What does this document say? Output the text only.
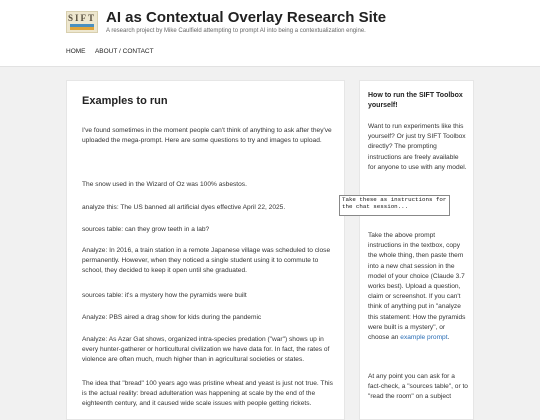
SIFT AI as Contextual Overlay Research Site
A research project by Mike Caulfield attempting to prompt AI into being a contextualization engine.
HOME ABOUT / CONTACT
Examples to run
I've found sometimes in the moment people can't think of anything to ask after they've uploaded the mega-prompt. Here are some questions to try and images to upload.
The snow used in the Wizard of Oz was 100% asbestos.
analyze this: The US banned all artificial dyes effective April 22, 2025.
sources table: can they grow teeth in a lab?
Analyze: In 2016, a train station in a remote Japanese village was scheduled to close permanently. However, when they noticed a single student using it to commute to school, they decided to keep it open until she graduated.
sources table: it's a mystery how the pyramids were built
Analyze: PBS aired a drag show for kids during the pandemic
Analyze: As Azar Gat shows, organized intra-species predation ("war") shows up in every hunter-gatherer or horticultural civilization we have data for. In fact, the rates of violence are often much, much higher than in agricultural societies or states.
The idea that "bread" 100 years ago was pristine wheat and yeast is just not true. This is the actual reality: bread adulteration was happening at scale by the end of the eighteenth century, and it caused wide scale issues with people getting rickets.
How to run the SIFT Toolbox yourself!
Want to run experiments like this yourself? Or just try SIFT Toolbox directly? The prompting instructions are freely available for anyone to use with any model.
Take the above prompt instructions in the textbox, copy the whole thing, then paste them into a new chat session in the model of your choice (Claude 3.7 works best). Upload a question, claim or screenshot. If you can't think of anything put in "analyze this statement: How the pyramids were built is a mystery", or choose an example prompt.
At any point you can ask for a fact-check, a "sources table", or to "read the room" on a subject
Take these as instructions for the chat session...
